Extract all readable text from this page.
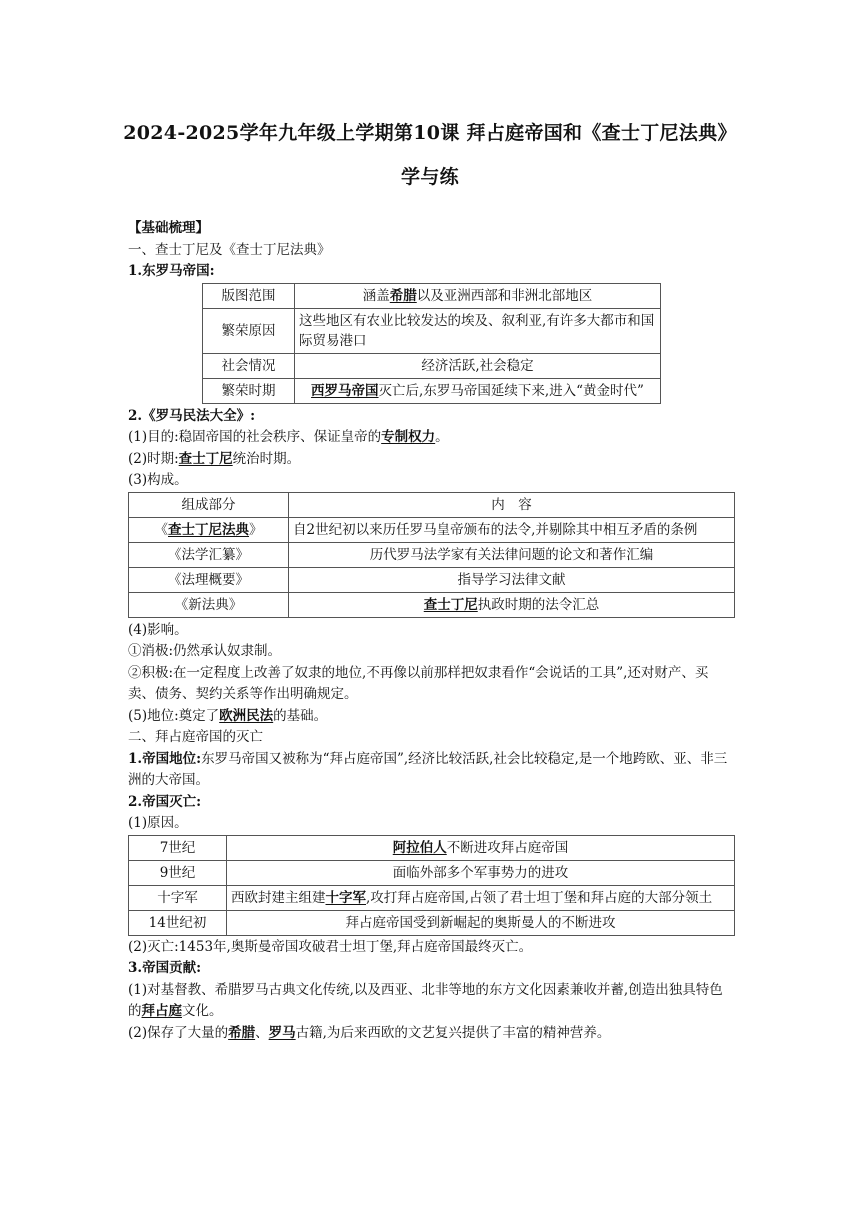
2024-2025学年九年级上学期第10课 拜占庭帝国和《查士丁尼法典》
学与练

【基础梳理】

一、查士丁尼及《查士丁尼法典》

1.东罗马帝国:

版图范围	涵盖希腊以及亚洲西部和非洲北部地区
繁荣原因	这些地区有农业比较发达的埃及、叙利亚,有许多大都市和国际贸易港口
社会情况	经济活跃,社会稳定
繁荣时期	西罗马帝国灭亡后,东罗马帝国延续下来,进入“黄金时代”

2.《罗马民法大全》:

(1)目的:稳固帝国的社会秩序、保证皇帝的专制权力。

(2)时期:查士丁尼统治时期。

(3)构成。

组成部分	内　容
《查士丁尼法典》	自2世纪初以来历任罗马皇帝颁布的法令,并剔除其中相互矛盾的条例
《法学汇纂》	历代罗马法学家有关法律问题的论文和著作汇编
《法理概要》	指导学习法律文献
《新法典》	查士丁尼执政时期的法令汇总

(4)影响。

①消极:仍然承认奴隶制。

②积极:在一定程度上改善了奴隶的地位,不再像以前那样把奴隶看作“会说话的工具”,还对财产、买卖、债务、契约关系等作出明确规定。

(5)地位:奠定了欧洲民法的基础。

二、拜占庭帝国的灭亡

1.帝国地位:东罗马帝国又被称为“拜占庭帝国”,经济比较活跃,社会比较稳定,是一个地跨欧、亚、非三洲的大帝国。

2.帝国灭亡:

(1)原因。

7世纪	阿拉伯人不断进攻拜占庭帝国
9世纪	面临外部多个军事势力的进攻
十字军	西欧封建主组建十字军,攻打拜占庭帝国,占领了君士坦丁堡和拜占庭的大部分领土
14世纪初	拜占庭帝国受到新崛起的奥斯曼人的不断进攻

(2)灭亡:1453年,奥斯曼帝国攻破君士坦丁堡,拜占庭帝国最终灭亡。

3.帝国贡献:

(1)对基督教、希腊罗马古典文化传统,以及西亚、北非等地的东方文化因素兼收并蓄,创造出独具特色的拜占庭文化。

(2)保存了大量的希腊、罗马古籍,为后来西欧的文艺复兴提供了丰富的精神营养。
